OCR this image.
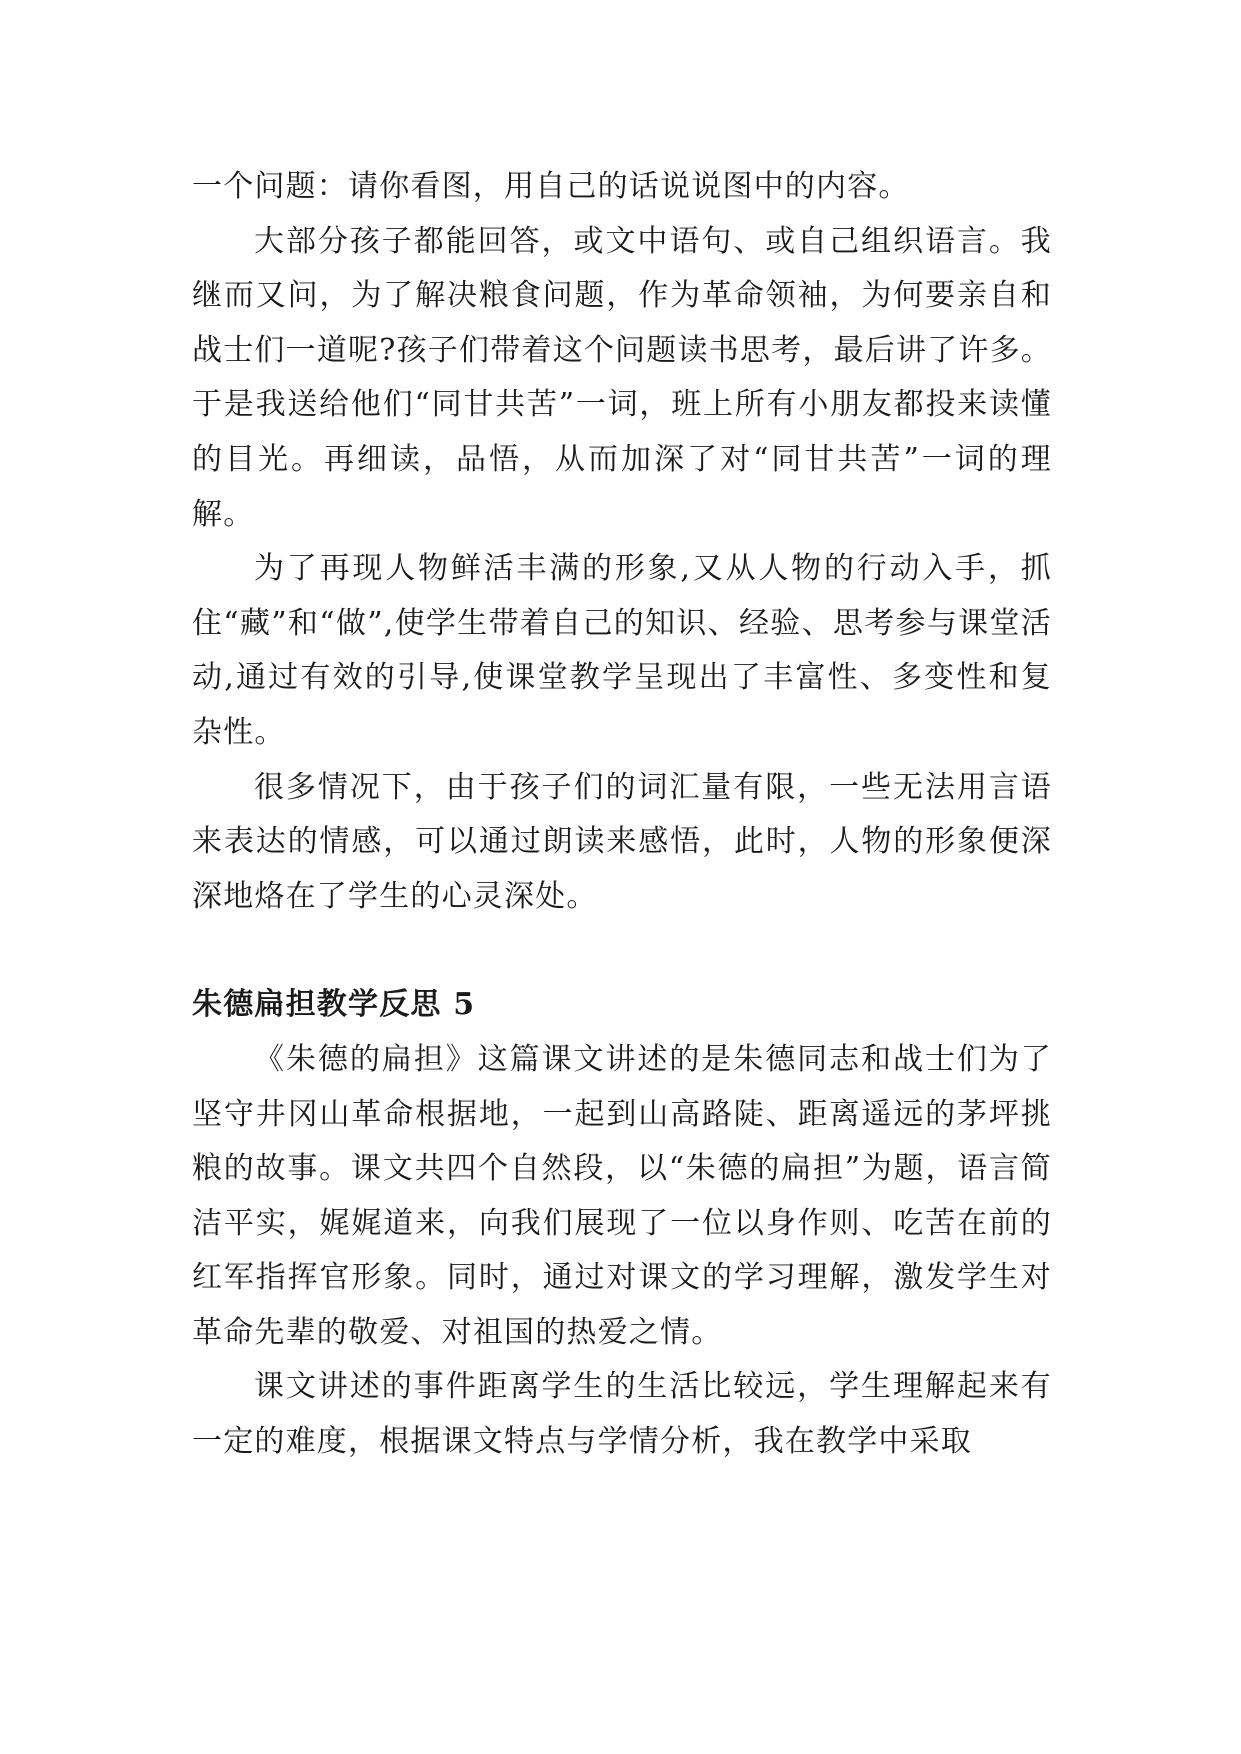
一个问题：请你看图，用自己的话说说图中的内容。

大部分孩子都能回答，或文中语句、或自己组织语言。我继而又问，为了解决粮食问题，作为革命领袖，为何要亲自和战士们一道呢?孩子们带着这个问题读书思考，最后讲了许多。于是我送给他们“同甘共苦”一词，班上所有小朋友都投来读懂的目光。再细读，品悟，从而加深了对“同甘共苦”一词的理解。

为了再现人物鲜活丰满的形象,又从人物的行动入手，抓住“藏”和“做”,使学生带着自己的知识、经验、思考参与课堂活动,通过有效的引导,使课堂教学呈现出了丰富性、多变性和复杂性。

很多情况下，由于孩子们的词汇量有限，一些无法用言语来表达的情感，可以通过朗读来感悟，此时，人物的形象便深深地烙在了学生的心灵深处。

朱德扁担教学反思 5

《朱德的扁担》这篇课文讲述的是朱德同志和战士们为了坚守井冈山革命根据地，一起到山高路陡、距离遥远的茅坪挑粮的故事。课文共四个自然段，以“朱德的扁担”为题，语言简洁平实，娓娓道来，向我们展现了一位以身作则、吃苦在前的红军指挥官形象。同时，通过对课文的学习理解，激发学生对革命先辈的敬爱、对祖国的热爱之情。

课文讲述的事件距离学生的生活比较远，学生理解起来有一定的难度，根据课文特点与学情分析，我在教学中采取
